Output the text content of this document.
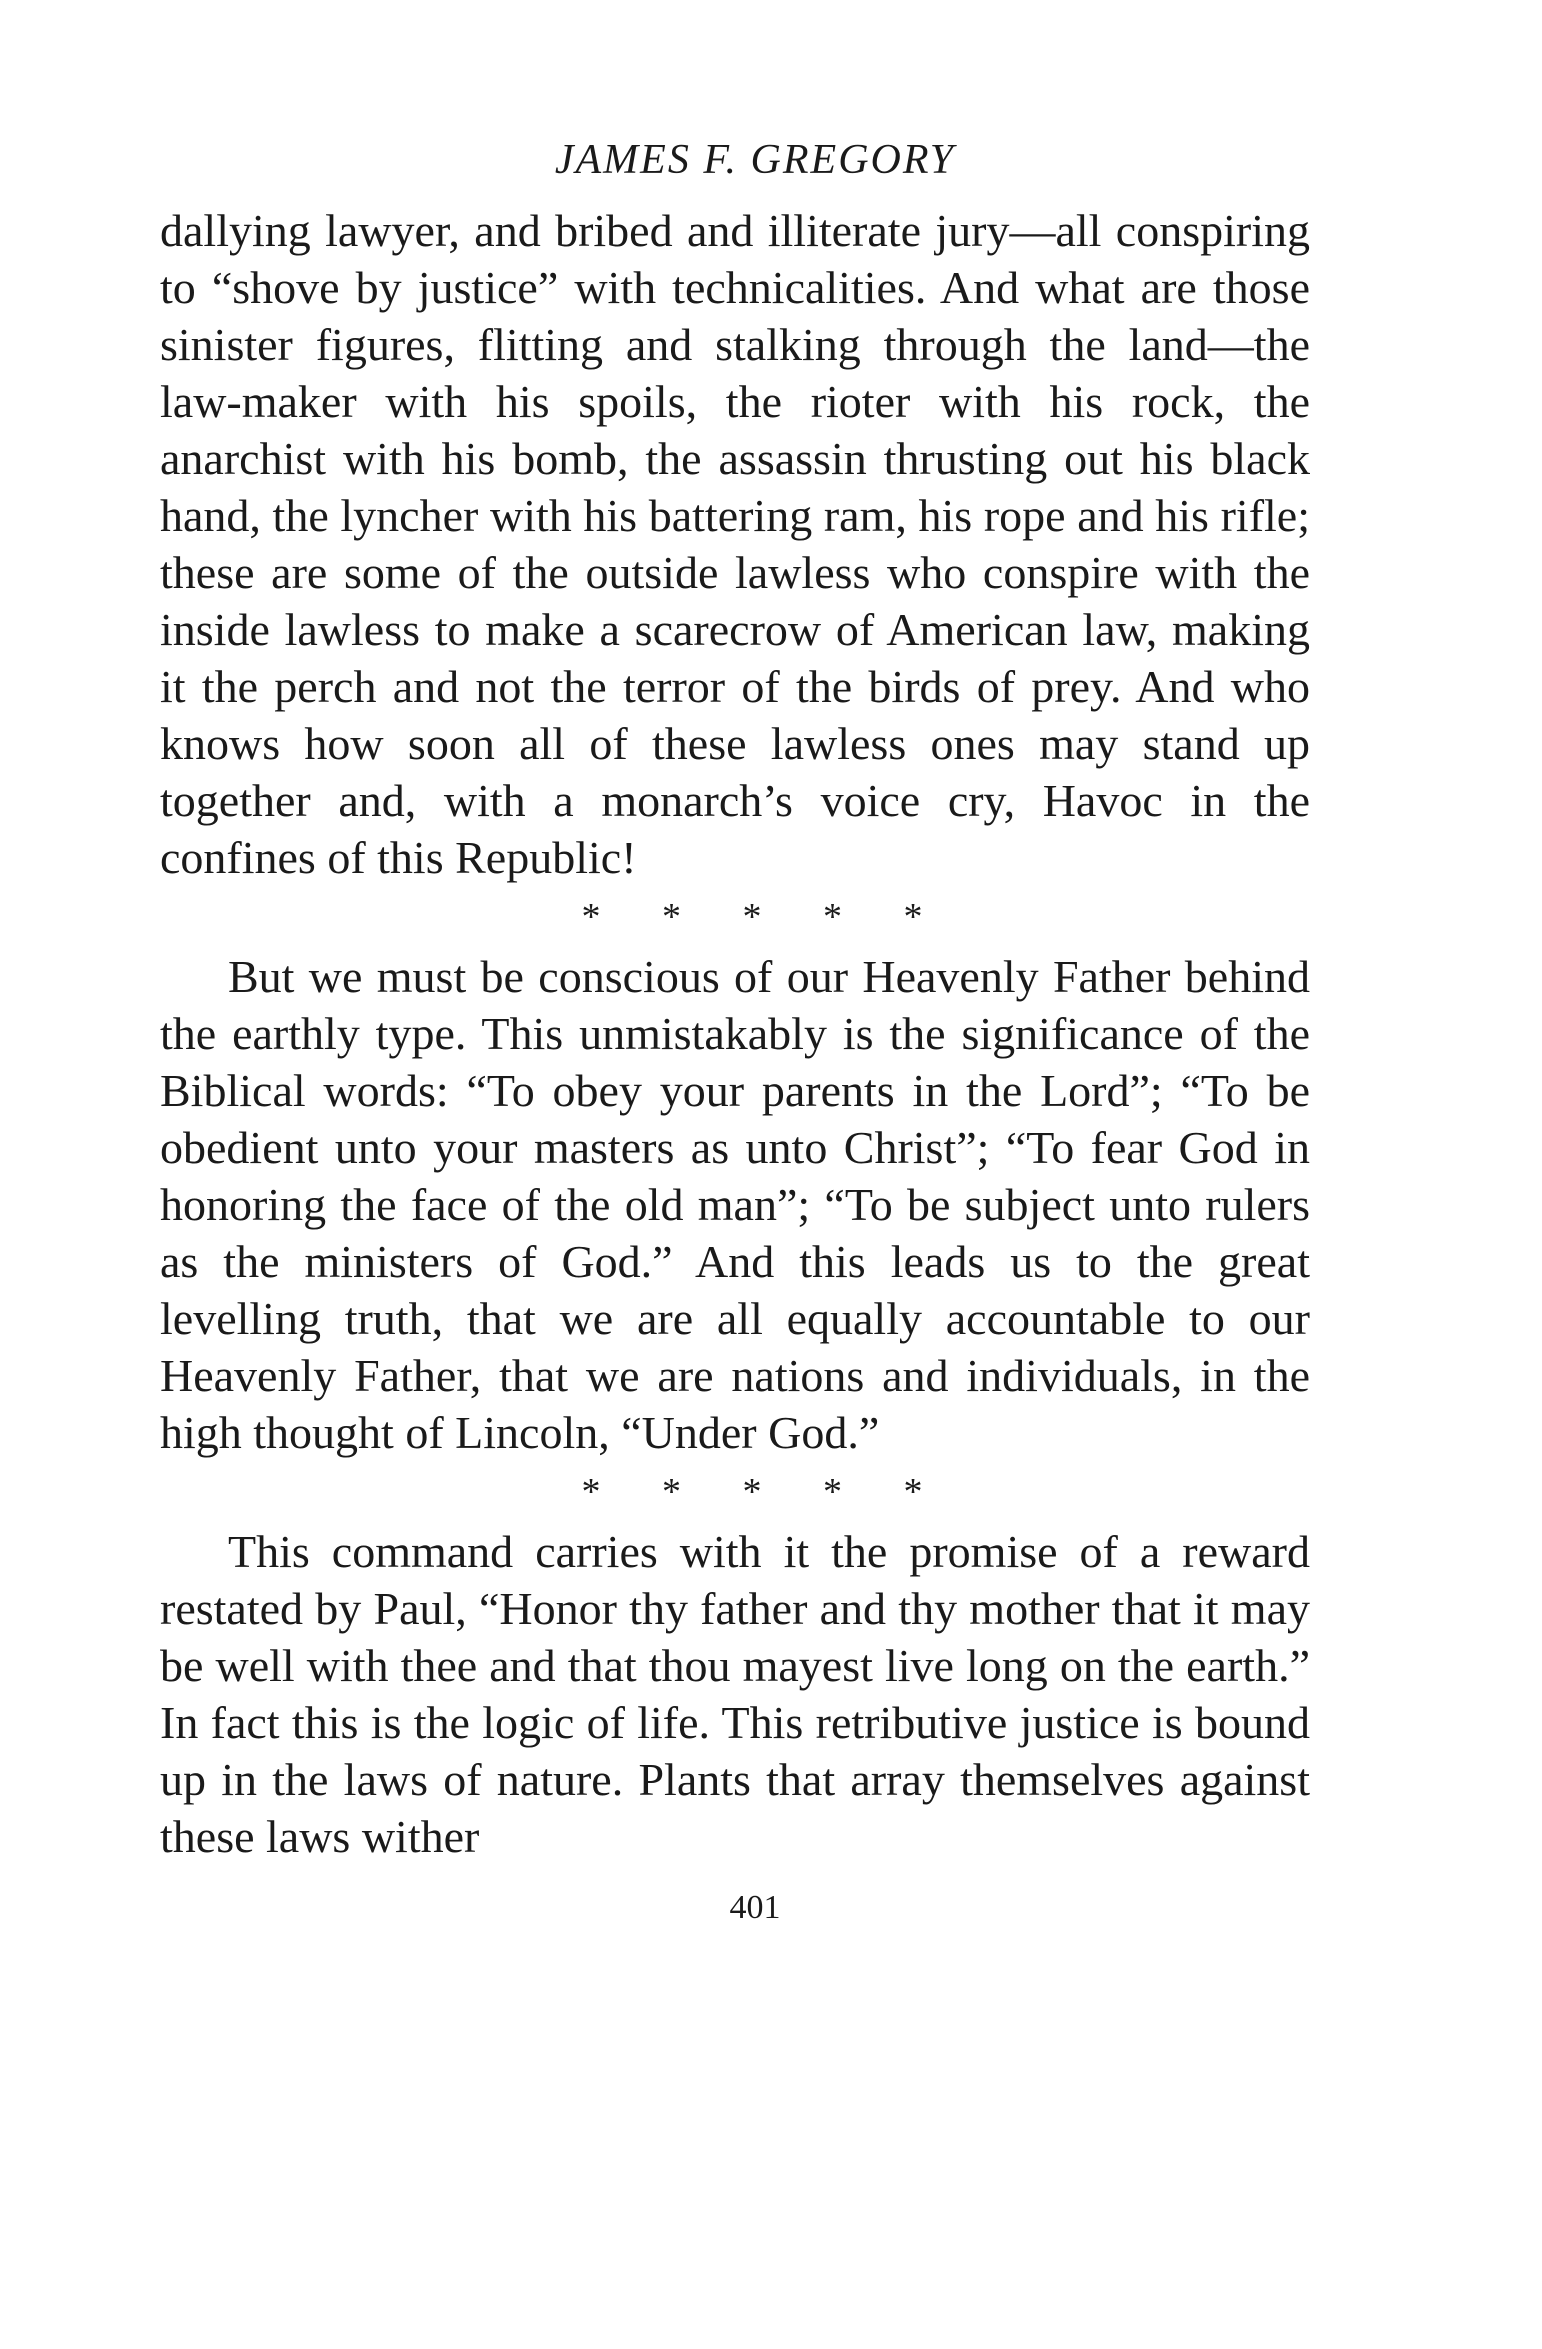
JAMES F. GREGORY

dallying lawyer, and bribed and illiterate jury—all conspiring to “shove by justice” with technicalities. And what are those sinister figures, flitting and stalking through the land—the law-maker with his spoils, the rioter with his rock, the anarchist with his bomb, the assassin thrusting out his black hand, the lyncher with his battering ram, his rope and his rifle; these are some of the outside lawless who conspire with the inside lawless to make a scarecrow of American law, making it the perch and not the terror of the birds of prey. And who knows how soon all of these lawless ones may stand up together and, with a monarch’s voice cry, Havoc in the confines of this Republic!

* * * * *

But we must be conscious of our Heavenly Father behind the earthly type. This unmistakably is the significance of the Biblical words: “To obey your parents in the Lord”; “To be obedient unto your masters as unto Christ”; “To fear God in honoring the face of the old man”; “To be subject unto rulers as the ministers of God.” And this leads us to the great levelling truth, that we are all equally accountable to our Heavenly Father, that we are nations and individuals, in the high thought of Lincoln, “Under God.”

* * * * *

This command carries with it the promise of a reward restated by Paul, “Honor thy father and thy mother that it may be well with thee and that thou mayest live long on the earth.” In fact this is the logic of life. This retributive justice is bound up in the laws of nature. Plants that array themselves against these laws wither

401
